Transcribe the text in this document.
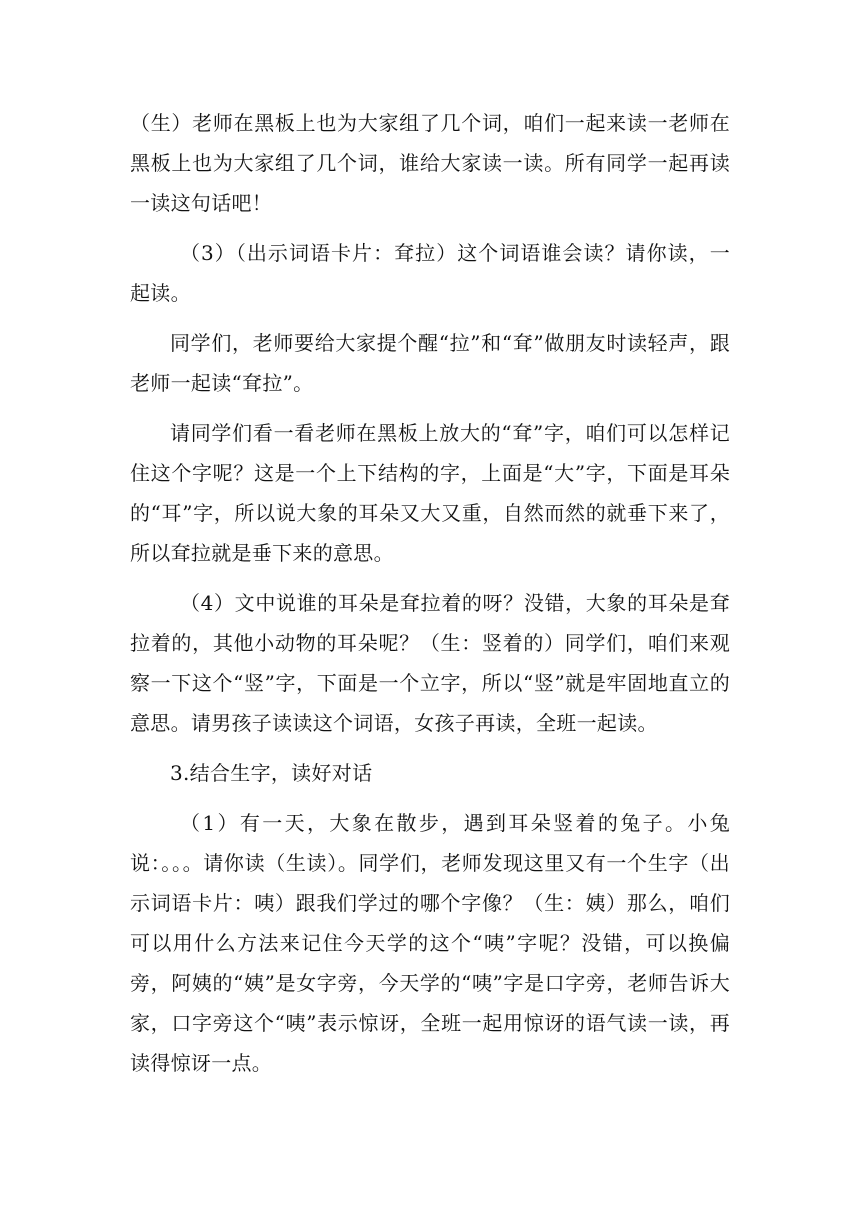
（生）老师在黑板上也为大家组了几个词，咱们一起来读一老师在黑板上也为大家组了几个词，谁给大家读一读。所有同学一起再读一读这句话吧！

（3）（出示词语卡片：耷拉）这个词语谁会读？请你读，一起读。

同学们，老师要给大家提个醒“拉”和“耷”做朋友时读轻声，跟老师一起读“耷拉”。

请同学们看一看老师在黑板上放大的“耷”字，咱们可以怎样记住这个字呢？这是一个上下结构的字，上面是“大”字，下面是耳朵的“耳”字，所以说大象的耳朵又大又重，自然而然的就垂下来了，所以耷拉就是垂下来的意思。

（4）文中说谁的耳朵是耷拉着的呀？没错，大象的耳朵是耷拉着的，其他小动物的耳朵呢？（生：竖着的）同学们，咱们来观察一下这个“竖”字，下面是一个立字，所以“竖”就是牢固地直立的意思。请男孩子读读这个词语，女孩子再读，全班一起读。

3.结合生字，读好对话

（1）有一天，大象在散步，遇到耳朵竖着的兔子。小兔说：。。。请你读（生读）。同学们，老师发现这里又有一个生字（出示词语卡片：咦）跟我们学过的哪个字像？（生：姨）那么，咱们可以用什么方法来记住今天学的这个“咦”字呢？没错，可以换偏旁，阿姨的“姨”是女字旁，今天学的“咦”字是口字旁，老师告诉大家，口字旁这个“咦”表示惊讶，全班一起用惊讶的语气读一读，再读得惊讶一点。
